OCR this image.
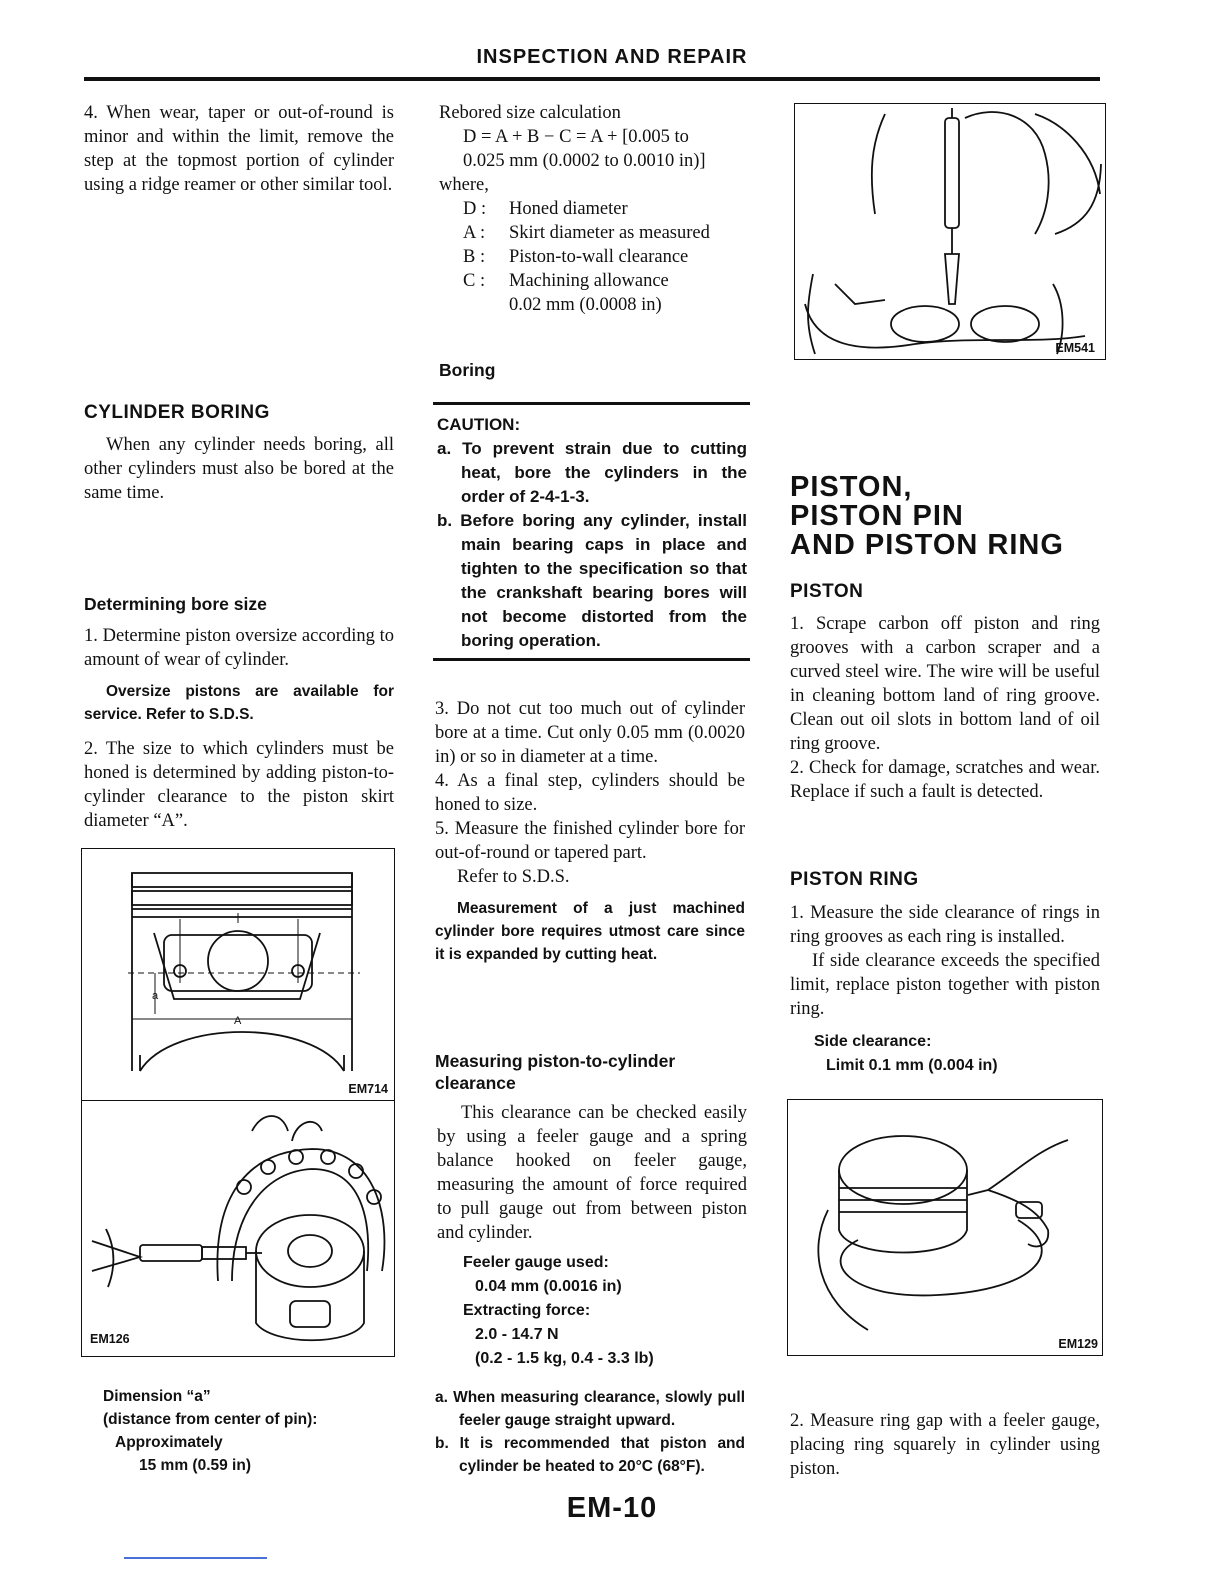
INSPECTION AND REPAIR
4. When wear, taper or out-of-round is minor and within the limit, remove the step at the topmost portion of cylinder using a ridge reamer or other similar tool.
CYLINDER BORING
When any cylinder needs boring, all other cylinders must also be bored at the same time.
Determining bore size
1. Determine piston oversize according to amount of wear of cylinder.
Oversize pistons are available for service. Refer to S.D.S.
2. The size to which cylinders must be honed is determined by adding piston-to-cylinder clearance to the piston skirt diameter “A”.
a
A
EM714
EM126
Dimension “a”
(distance from center of pin):
Approximately
15 mm (0.59 in)
Rebored size calculation
D = A + B − C = A + [0.005 to
0.025 mm (0.0002 to 0.0010 in)]
where,
D :	Honed diameter
A :	Skirt diameter as measured
B :	Piston-to-wall clearance
C :	Machining allowance
0.02 mm (0.0008 in)
Boring
CAUTION:
a. To prevent strain due to cutting heat, bore the cylinders in the order of 2-4-1-3.
b. Before boring any cylinder, install main bearing caps in place and tighten to the specification so that the crankshaft bearing bores will not become distorted from the boring operation.
3. Do not cut too much out of cylinder bore at a time. Cut only 0.05 mm (0.0020 in) or so in diameter at a time.
4. As a final step, cylinders should be honed to size.
5. Measure the finished cylinder bore for out-of-round or tapered part.
Refer to S.D.S.
Measurement of a just machined cylinder bore requires utmost care since it is expanded by cutting heat.
Measuring piston-to-cylinder clearance
This clearance can be checked easily by using a feeler gauge and a spring balance hooked on feeler gauge, measuring the amount of force required to pull gauge out from between piston and cylinder.
Feeler gauge used:
0.04 mm (0.0016 in)
Extracting force:
2.0 - 14.7 N
(0.2 - 1.5 kg, 0.4 - 3.3 lb)
a. When measuring clearance, slowly pull feeler gauge straight upward.
b. It is recommended that piston and cylinder be heated to 20°C (68°F).
EM541
PISTON,
PISTON PIN
AND PISTON RING
PISTON
1. Scrape carbon off piston and ring grooves with a carbon scraper and a curved steel wire. The wire will be useful in cleaning bottom land of ring groove. Clean out oil slots in bottom land of oil ring groove.
2. Check for damage, scratches and wear. Replace if such a fault is detected.
PISTON RING
1. Measure the side clearance of rings in ring grooves as each ring is installed.
If side clearance exceeds the specified limit, replace piston together with piston ring.
Side clearance:
Limit 0.1 mm (0.004 in)
EM129
2. Measure ring gap with a feeler gauge, placing ring squarely in cylinder using piston.
EM-10
